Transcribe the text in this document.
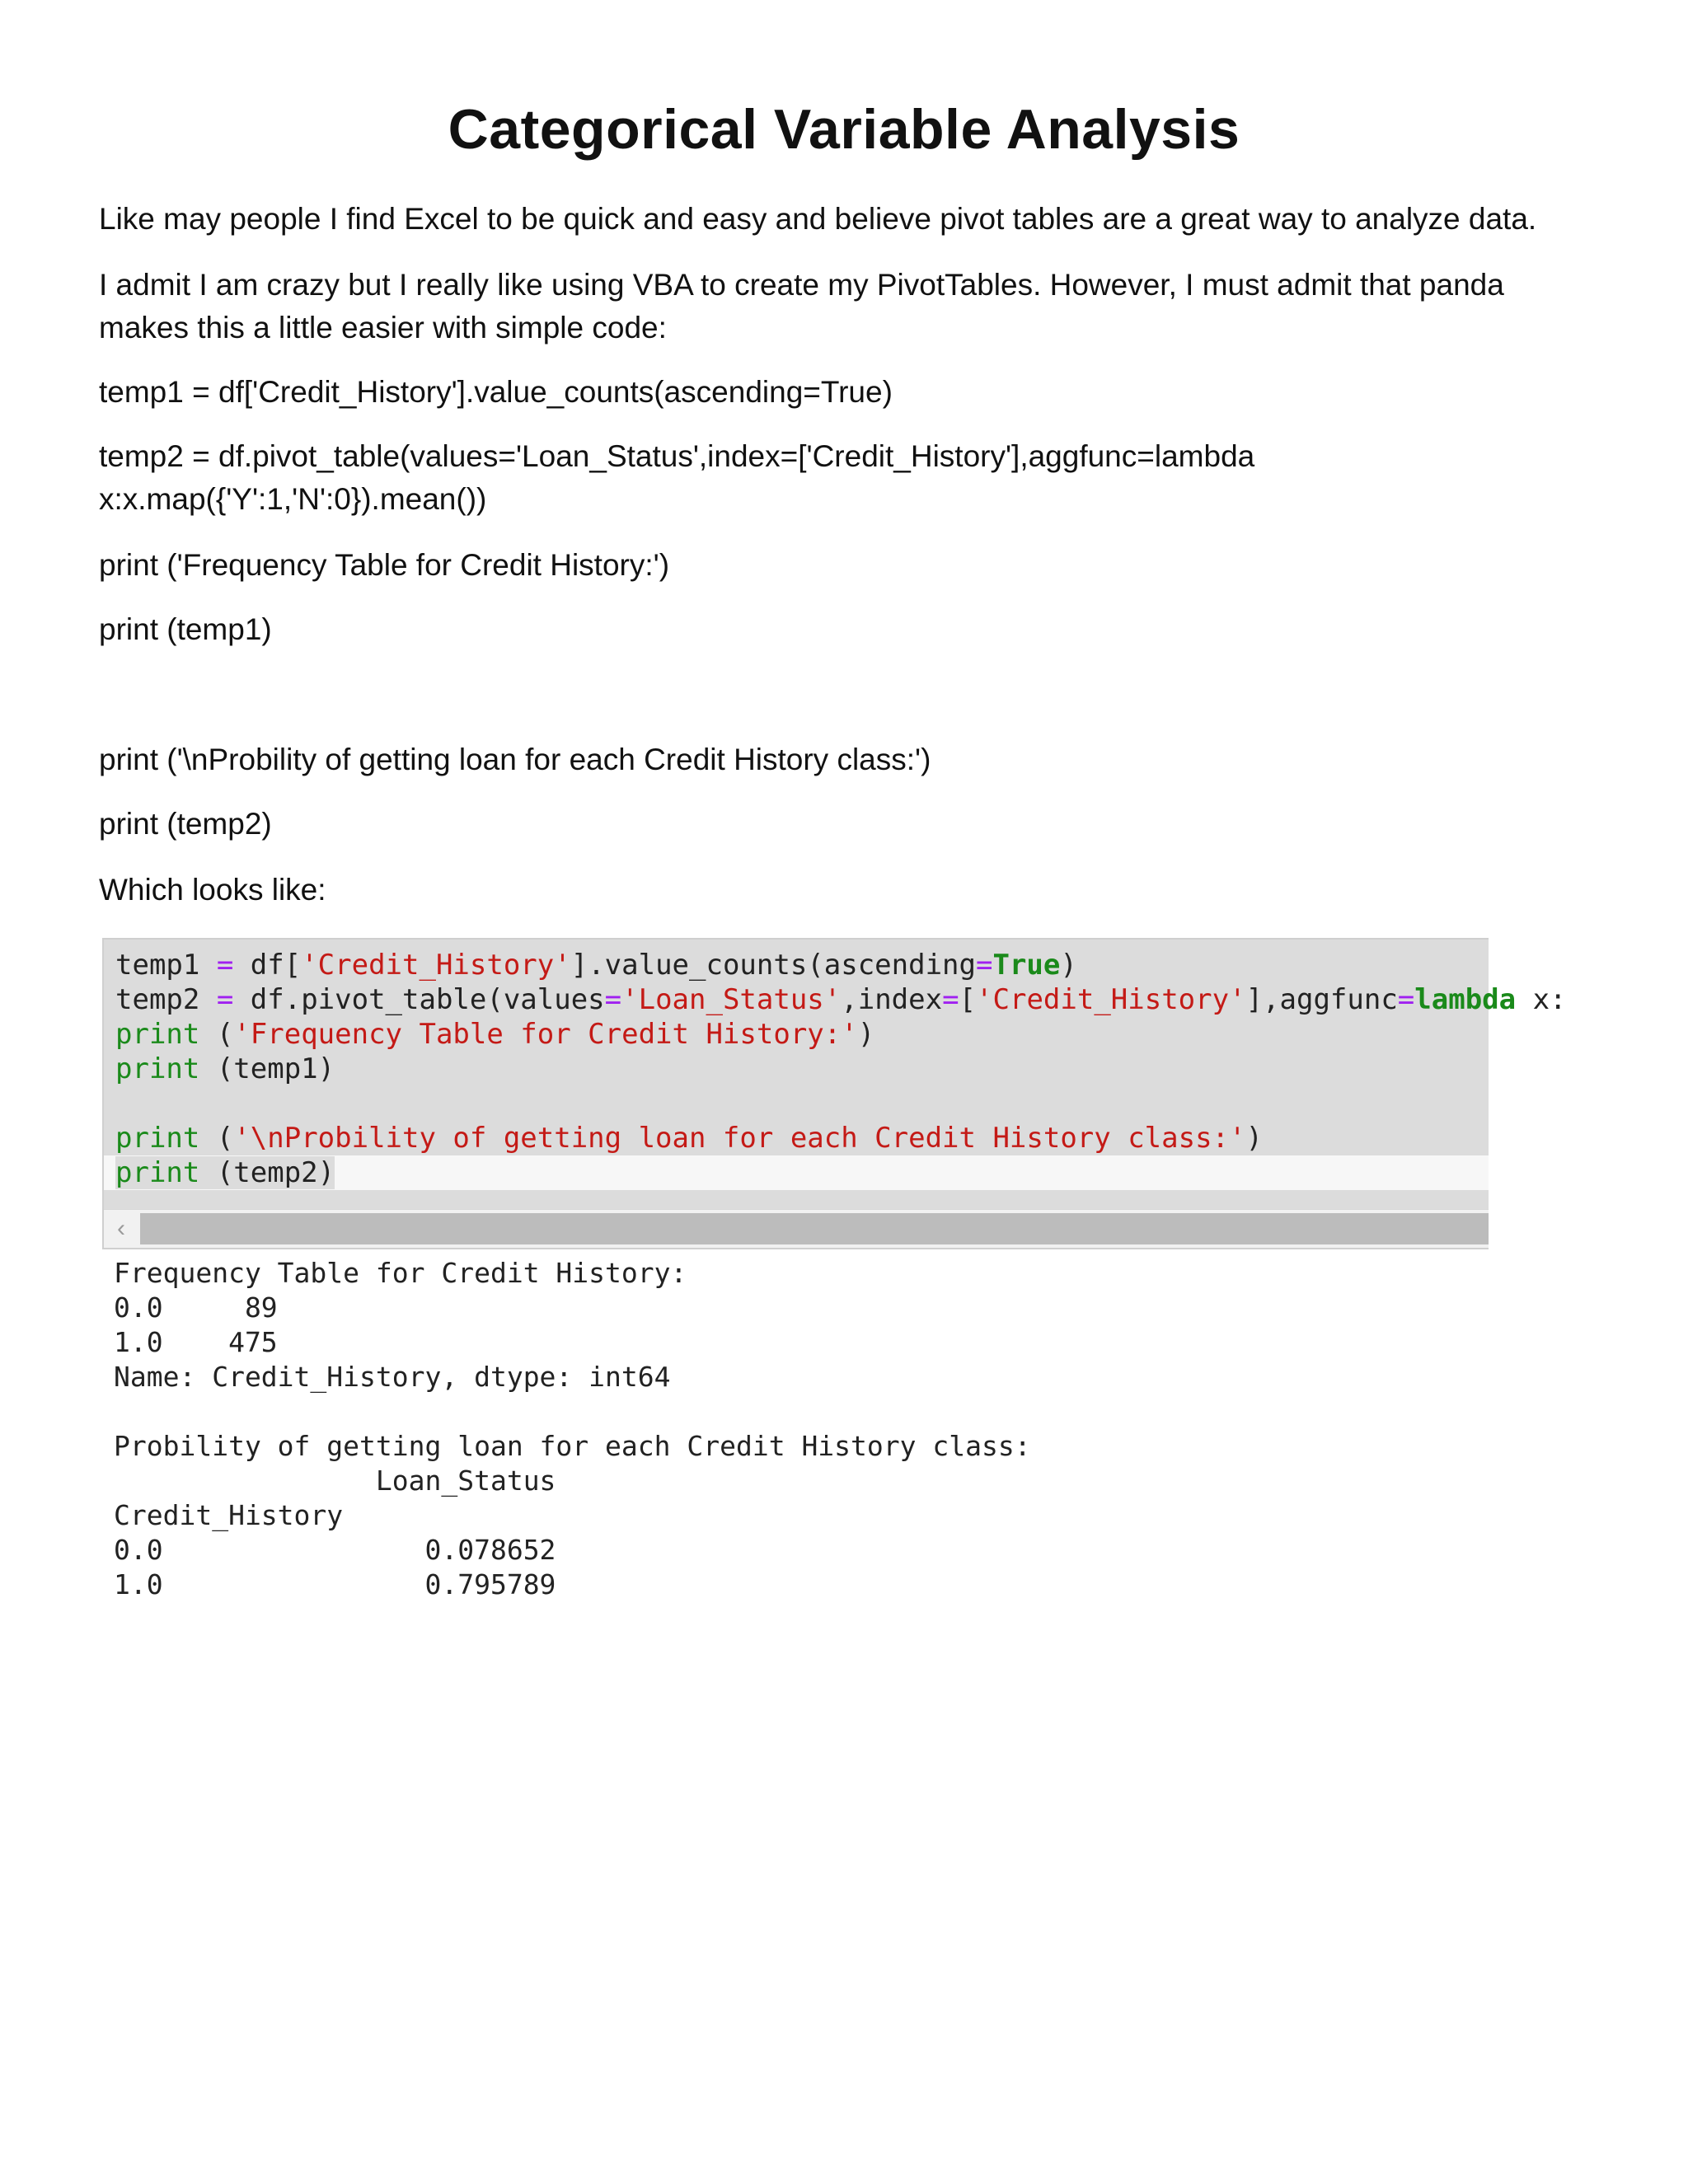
Categorical Variable Analysis

Like may people I find Excel to be quick and easy and believe pivot tables are a great way to analyze data.

I admit I am crazy but I really like using VBA to create my PivotTables. However, I must admit that panda
makes this a little easier with simple code:

temp1 = df['Credit_History'].value_counts(ascending=True)

temp2 = df.pivot_table(values='Loan_Status',index=['Credit_History'],aggfunc=lambda
x:x.map({'Y':1,'N':0}).mean())

print ('Frequency Table for Credit History:')

print (temp1)

print ('\nProbility of getting loan for each Credit History class:')

print (temp2)

Which looks like:

temp1 = df['Credit_History'].value_counts(ascending=True)
temp2 = df.pivot_table(values='Loan_Status',index=['Credit_History'],aggfunc=lambda x:
print ('Frequency Table for Credit History:')
print (temp1)
print ('\nProbility of getting loan for each Credit History class:')
print (temp2)
‹
Frequency Table for Credit History:
0.0     89
1.0    475
Name: Credit_History, dtype: int64
Probility of getting loan for each Credit History class:
Loan_Status
Credit_History
0.0                0.078652
1.0                0.795789
